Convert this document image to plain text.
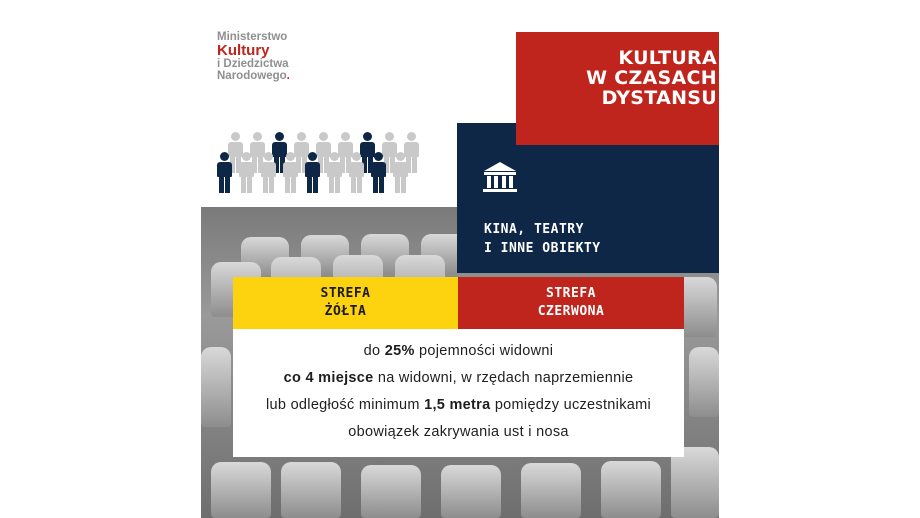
Ministerstwo
Kultury
i Dziedzictwa
Narodowego.
KULTURA
W CZASACH
DYSTANSU
KINA, TEATRY
I INNE OBIEKTY
STREFA
ŻÓŁTA
STREFA
CZERWONA
do 25% pojemności widowni
co 4 miejsce na widowni, w rzędach naprzemiennie
lub odległość minimum 1,5 metra pomiędzy uczestnikami
obowiązek zakrywania ust i nosa
